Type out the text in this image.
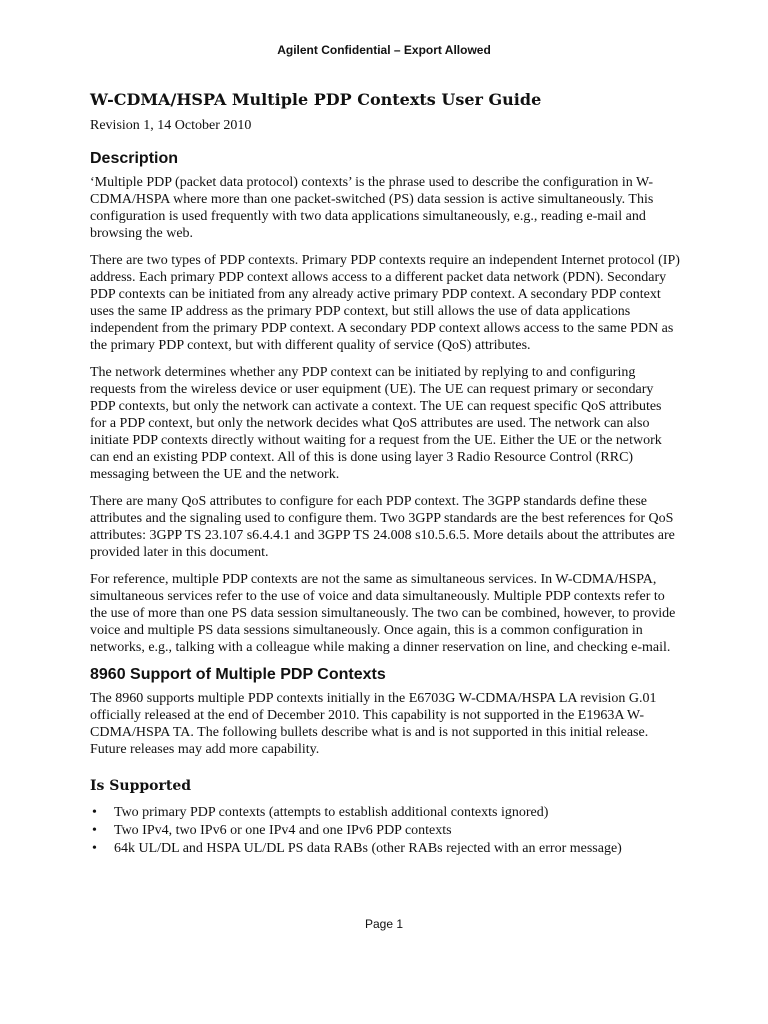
Agilent Confidential – Export Allowed
W-CDMA/HSPA Multiple PDP Contexts User Guide
Revision 1, 14 October 2010
Description

‘Multiple PDP (packet data protocol) contexts’ is the phrase used to describe the configuration in W-CDMA/HSPA where more than one packet-switched (PS) data session is active simultaneously. This configuration is used frequently with two data applications simultaneously, e.g., reading e-mail and browsing the web.

There are two types of PDP contexts. Primary PDP contexts require an independent Internet protocol (IP) address. Each primary PDP context allows access to a different packet data network (PDN). Secondary PDP contexts can be initiated from any already active primary PDP context. A secondary PDP context uses the same IP address as the primary PDP context, but still allows the use of data applications independent from the primary PDP context. A secondary PDP context allows access to the same PDN as the primary PDP context, but with different quality of service (QoS) attributes.

The network determines whether any PDP context can be initiated by replying to and configuring requests from the wireless device or user equipment (UE). The UE can request primary or secondary PDP contexts, but only the network can activate a context. The UE can request specific QoS attributes for a PDP context, but only the network decides what QoS attributes are used. The network can also initiate PDP contexts directly without waiting for a request from the UE. Either the UE or the network can end an existing PDP context. All of this is done using layer 3 Radio Resource Control (RRC) messaging between the UE and the network.

There are many QoS attributes to configure for each PDP context. The 3GPP standards define these attributes and the signaling used to configure them. Two 3GPP standards are the best references for QoS attributes: 3GPP TS 23.107 s6.4.4.1 and 3GPP TS 24.008 s10.5.6.5. More details about the attributes are provided later in this document.

For reference, multiple PDP contexts are not the same as simultaneous services. In W-CDMA/HSPA, simultaneous services refer to the use of voice and data simultaneously. Multiple PDP contexts refer to the use of more than one PS data session simultaneously. The two can be combined, however, to provide voice and multiple PS data sessions simultaneously. Once again, this is a common configuration in networks, e.g., talking with a colleague while making a dinner reservation on line, and checking e-mail.

8960 Support of Multiple PDP Contexts

The 8960 supports multiple PDP contexts initially in the E6703G W-CDMA/HSPA LA revision G.01 officially released at the end of December 2010. This capability is not supported in the E1963A W-CDMA/HSPA TA. The following bullets describe what is and is not supported in this initial release. Future releases may add more capability.

Is Supported
• Two primary PDP contexts (attempts to establish additional contexts ignored)
• Two IPv4, two IPv6 or one IPv4 and one IPv6 PDP contexts
• 64k UL/DL and HSPA UL/DL PS data RABs (other RABs rejected with an error message)
Page 1
